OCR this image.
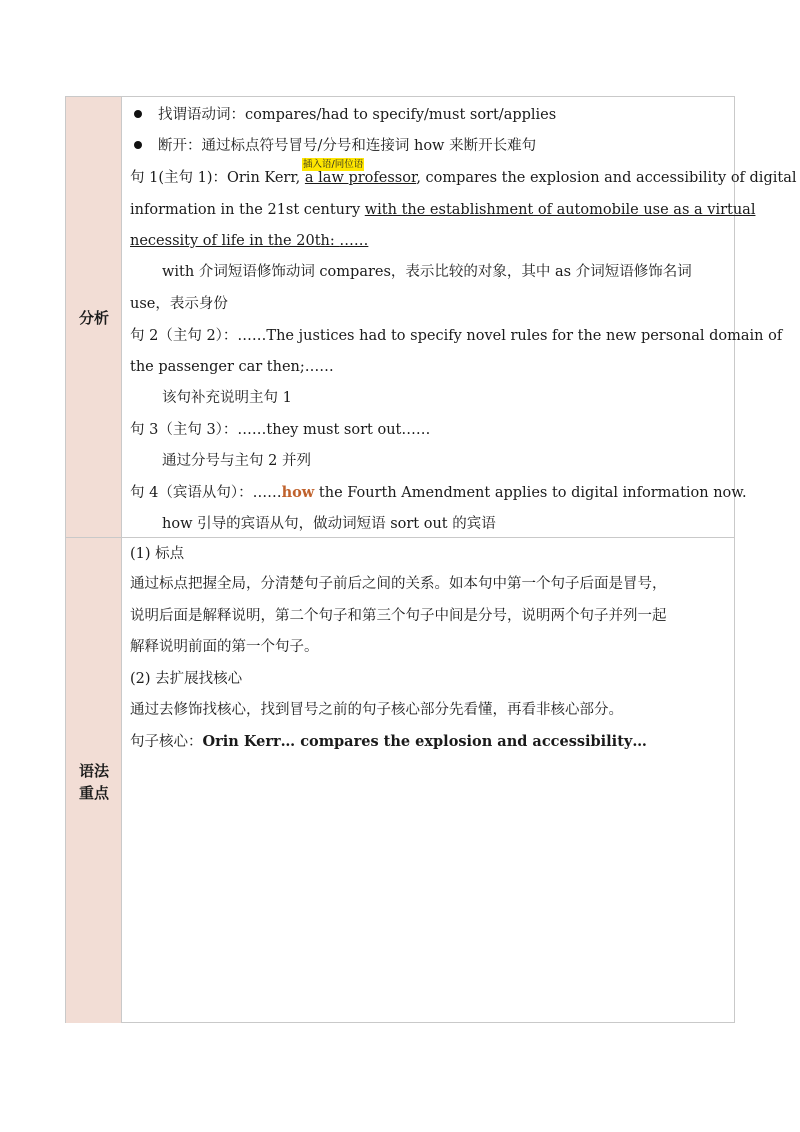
分析
找谓语动词：compares/had to specify/must sort/applies
断开：通过标点符号冒号/分号和连接词 how 来断开长难句
插入语/同位语
句 1(主句 1)：Orin Kerr, a law professor, compares the explosion and accessibility of digital
information in the 21st century with the establishment of automobile use as a virtual
necessity of life in the 20th: ……
with 介词短语修饰动词 compares，表示比较的对象，其中 as 介词短语修饰名词
use，表示身份
句 2（主句 2）：……The justices had to specify novel rules for the new personal domain of
the passenger car then;……
该句补充说明主句 1
句 3（主句 3）：……they must sort out……
通过分号与主句 2 并列
句 4（宾语从句）：……how the Fourth Amendment applies to digital information now.
how 引导的宾语从句，做动词短语 sort out 的宾语
语法
重点
(1) 标点
通过标点把握全局，分清楚句子前后之间的关系。如本句中第一个句子后面是冒号，
说明后面是解释说明，第二个句子和第三个句子中间是分号，说明两个句子并列一起
解释说明前面的第一个句子。
(2) 去扩展找核心
通过去修饰找核心，找到冒号之前的句子核心部分先看懂，再看非核心部分。
句子核心：Orin Kerr… compares the explosion and accessibility…
